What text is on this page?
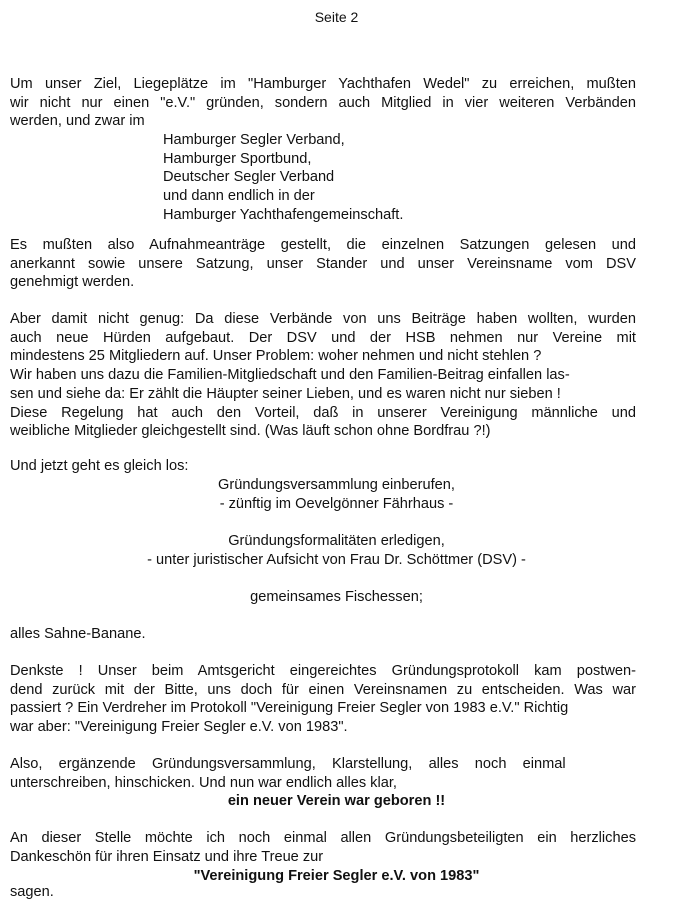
Seite 2
Um unser Ziel, Liegeplätze im "Hamburger Yachthafen Wedel" zu erreichen, mußten
wir nicht nur einen "e.V." gründen, sondern auch Mitglied in vier weiteren Verbänden
werden, und zwar im
Hamburger Segler Verband,
Hamburger Sportbund,
Deutscher Segler Verband
und dann endlich in der
Hamburger Yachthafengemeinschaft.
Es mußten also Aufnahmeanträge gestellt, die einzelnen Satzungen gelesen und
anerkannt sowie unsere Satzung, unser Stander und unser Vereinsname vom DSV
genehmigt werden.
Aber damit nicht genug: Da diese Verbände von uns Beiträge haben wollten, wurden
auch neue Hürden aufgebaut. Der DSV und der HSB nehmen nur Vereine mit
mindestens 25 Mitgliedern auf. Unser Problem: woher nehmen und nicht stehlen ?
Wir haben uns dazu die Familien-Mitgliedschaft und den Familien-Beitrag einfallen las-
sen und siehe da: Er zählt die Häupter seiner Lieben, und es waren nicht nur sieben !
Diese Regelung hat auch den Vorteil, daß in unserer Vereinigung männliche und
weibliche Mitglieder gleichgestellt sind. (Was läuft schon ohne Bordfrau ?!)
Und jetzt geht es gleich los:
Gründungsversammlung einberufen,
- zünftig im Oevelgönner Fährhaus -
Gründungsformalitäten erledigen,
- unter juristischer Aufsicht von Frau Dr. Schöttmer (DSV) -
gemeinsames Fischessen;
alles Sahne-Banane.
Denkste ! Unser beim Amtsgericht eingereichtes Gründungsprotokoll kam postwen-
dend zurück mit der Bitte, uns doch für einen Vereinsnamen zu entscheiden. Was war
passiert ? Ein Verdreher im Protokoll "Vereinigung Freier Segler von 1983 e.V." Richtig
war aber: "Vereinigung Freier Segler e.V. von 1983".
Also,    ergänzende    Gründungsversammlung,    Klarstellung,    alles    noch    einmal
unterschreiben, hinschicken. Und nun war endlich alles klar,
ein neuer Verein war geboren !!
An dieser Stelle möchte ich noch einmal allen Gründungsbeteiligten ein herzliches
Dankeschön für ihren Einsatz und ihre Treue zur
"Vereinigung Freier Segler e.V. von 1983"
sagen.
